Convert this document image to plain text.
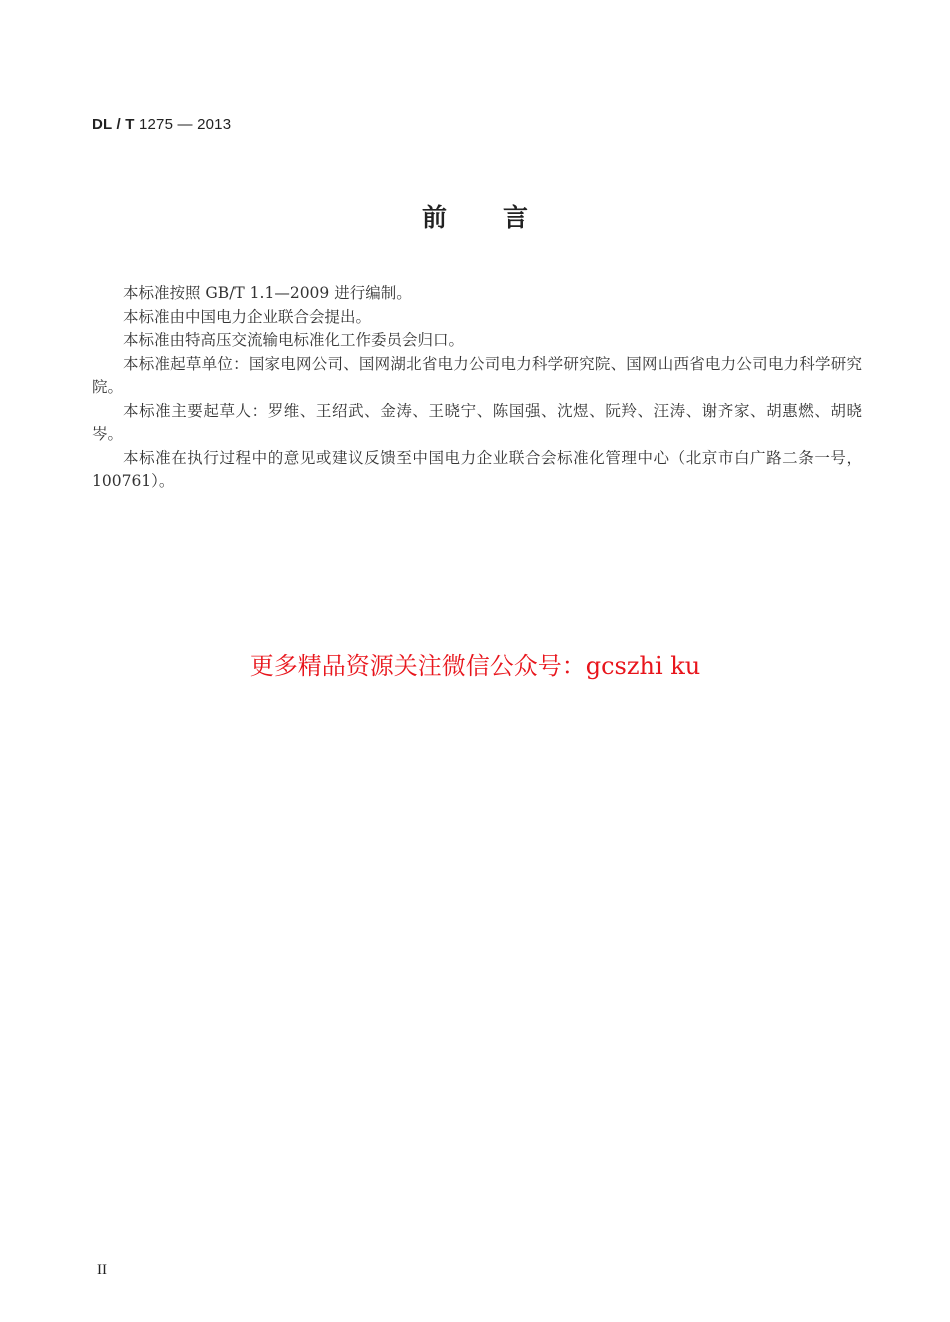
DL / T 1275 — 2013
前言

本标准按照 GB/T 1.1—2009 进行编制。

本标准由中国电力企业联合会提出。

本标准由特高压交流输电标准化工作委员会归口。

本标准起草单位：国家电网公司、国网湖北省电力公司电力科学研究院、国网山西省电力公司电力科学研究院。

本标准主要起草人：罗维、王绍武、金涛、王晓宁、陈国强、沈煜、阮羚、汪涛、谢齐家、胡惠燃、胡晓岑。

本标准在执行过程中的意见或建议反馈至中国电力企业联合会标准化管理中心（北京市白广路二条一号，100761）。

更多精品资源关注微信公众号：gcszhi ku
II
